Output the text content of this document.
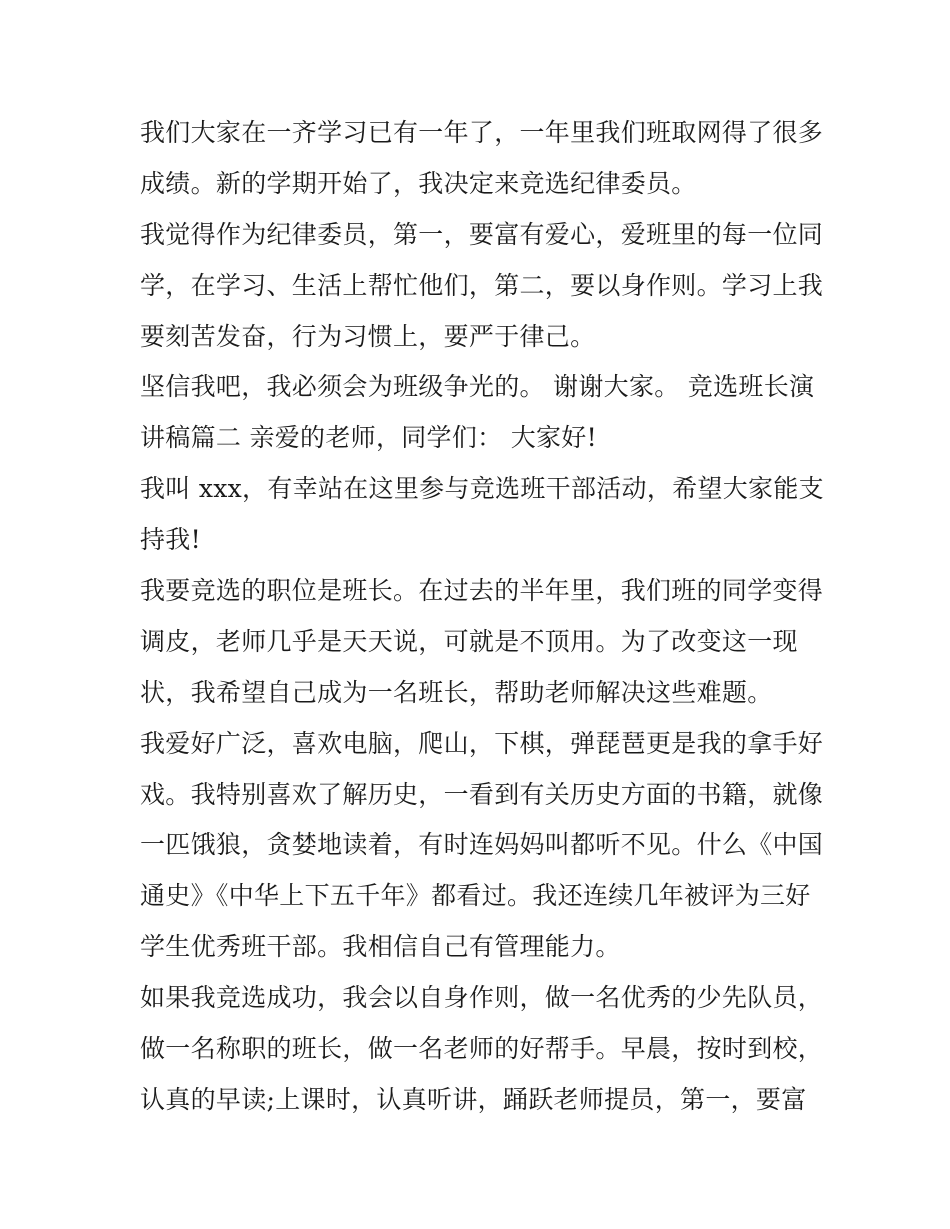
我们大家在一齐学习已有一年了，一年里我们班取网得了很多
成绩。新的学期开始了，我决定来竞选纪律委员。
我觉得作为纪律委员，第一，要富有爱心，爱班里的每一位同
学，在学习、生活上帮忙他们，第二，要以身作则。学习上我
要刻苦发奋，行为习惯上，要严于律己。
坚信我吧，我必须会为班级争光的。 谢谢大家。 竞选班长演
讲稿篇二 亲爱的老师，同学们： 大家好!
我叫 xxx，有幸站在这里参与竞选班干部活动，希望大家能支
持我!
我要竞选的职位是班长。在过去的半年里，我们班的同学变得
调皮，老师几乎是天天说，可就是不顶用。为了改变这一现
状，我希望自己成为一名班长，帮助老师解决这些难题。
我爱好广泛，喜欢电脑，爬山，下棋，弹琵琶更是我的拿手好
戏。我特别喜欢了解历史，一看到有关历史方面的书籍，就像
一匹饿狼，贪婪地读着，有时连妈妈叫都听不见。什么《中国
通史》《中华上下五千年》都看过。我还连续几年被评为三好
学生优秀班干部。我相信自己有管理能力。
如果我竞选成功，我会以自身作则，做一名优秀的少先队员，
做一名称职的班长，做一名老师的好帮手。早晨，按时到校，
认真的早读;上课时，认真听讲，踊跃老师提员，第一，要富
